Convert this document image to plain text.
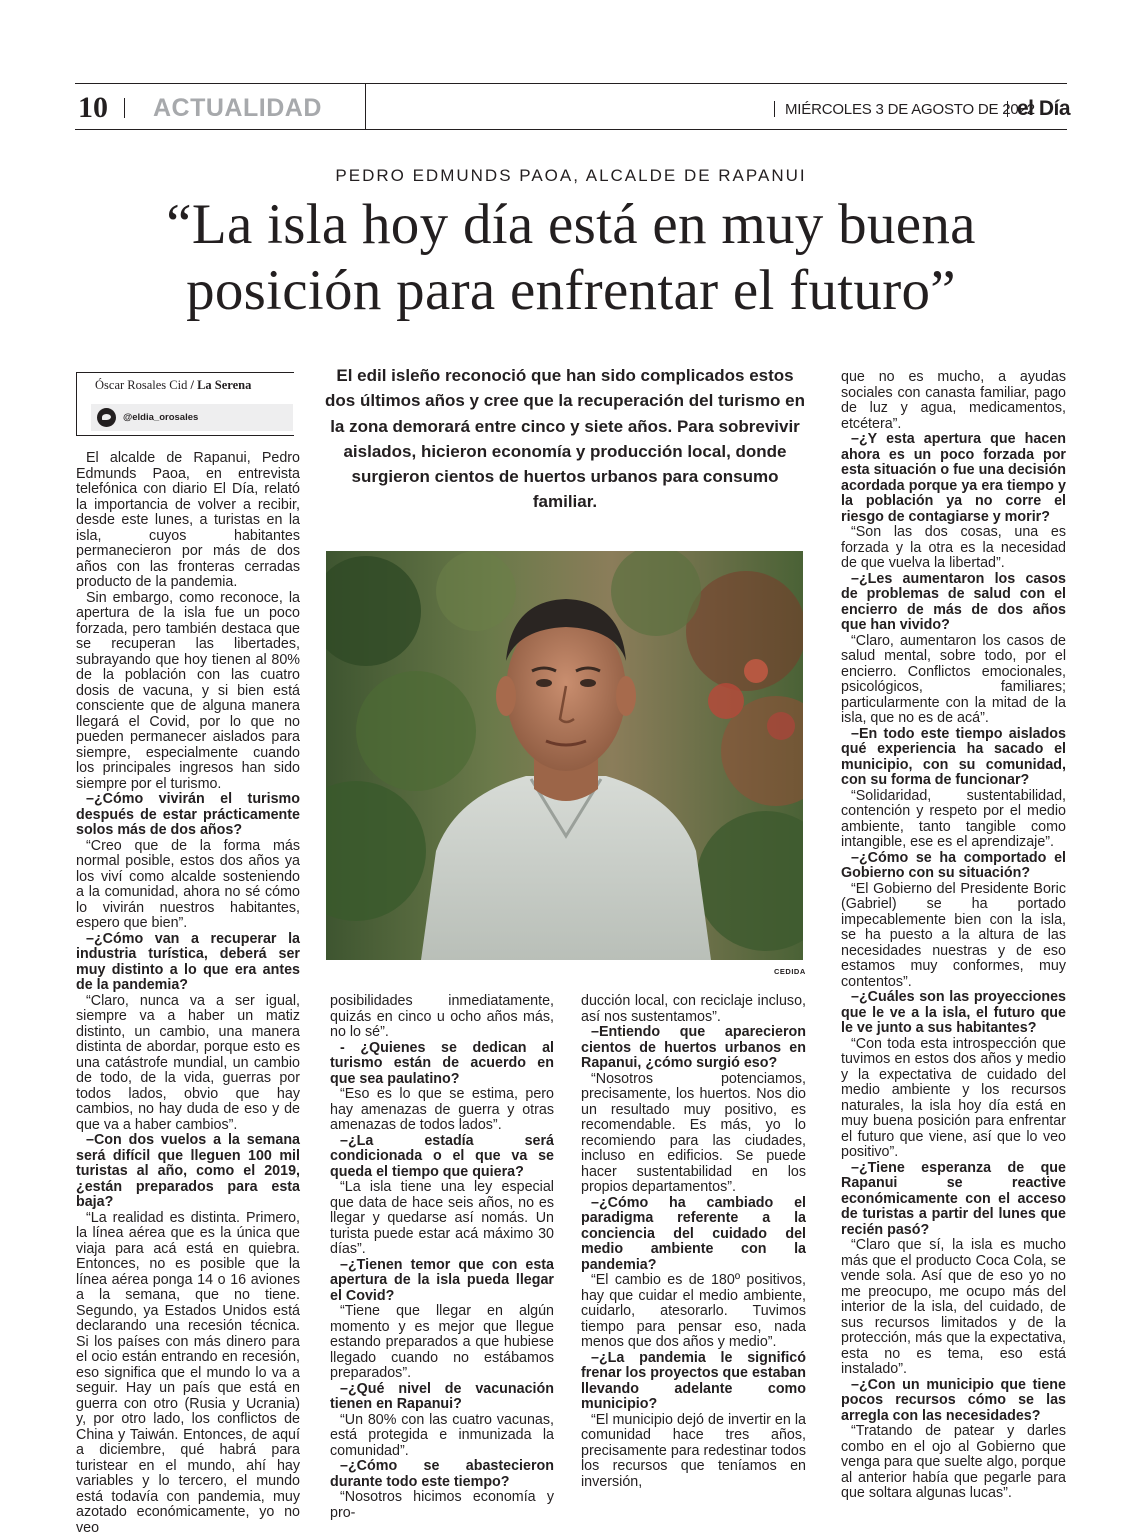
10 ACTUALIDAD	MIÉRCOLES 3 DE AGOSTO DE 2022
el Día
PEDRO EDMUNDS PAOA, ALCALDE DE RAPANUI
“La isla hoy día está en muy buena
posición para enfrentar el futuro”
Óscar Rosales Cid / La Serena
@eldia_orosales
El edil isleño reconoció que han sido complicados estos dos últimos años y cree que la recuperación del turismo en la zona demorará entre cinco y siete años. Para sobrevivir aislados, hicieron economía y producción local, donde surgieron cientos de huertos urbanos para consumo familiar.
CEDIDA

El alcalde de Rapanui, Pedro Edmunds Paoa, en entrevista telefónica con diario El Día, relató la importancia de volver a recibir, desde este lunes, a turistas en la isla, cuyos habitantes permanecieron por más de dos años con las fronteras cerradas producto de la pandemia.

Sin embargo, como reconoce, la apertura de la isla fue un poco forzada, pero también destaca que se recuperan las libertades, subrayando que hoy tienen al 80% de la población con las cuatro dosis de vacuna, y si bien está consciente que de alguna manera llegará el Covid, por lo que no pueden permanecer aislados para siempre, especialmente cuando los principales ingresos han sido siempre por el turismo.

–¿Cómo vivirán el turismo después de estar prácticamente solos más de dos años?

“Creo que de la forma más normal posible, estos dos años ya los viví como alcalde sosteniendo a la comunidad, ahora no sé cómo lo vivirán nuestros habitantes, espero que bien”.

–¿Cómo van a recuperar la industria turística, deberá ser muy distinto a lo que era antes de la pandemia?

“Claro, nunca va a ser igual, siempre va a haber un matiz distinto, un cambio, una manera distinta de abordar, porque esto es una catástrofe mundial, un cambio de todo, de la vida, guerras por todos lados, obvio que hay cambios, no hay duda de eso y de que va a haber cambios”.

–Con dos vuelos a la semana será difícil que lleguen 100 mil turistas al año, como el 2019, ¿están preparados para esta baja?

“La realidad es distinta. Primero, la línea aérea que es la única que viaja para acá está en quiebra. Entonces, no es posible que la línea aérea ponga 14 o 16 aviones a la semana, que no tiene. Segundo, ya Estados Unidos está declarando una recesión técnica. Si los países con más dinero para el ocio están entrando en recesión, eso significa que el mundo lo va a seguir. Hay un país que está en guerra con otro (Rusia y Ucrania) y, por otro lado, los conflictos de China y Taiwán. Entonces, de aquí a diciembre, qué habrá para turistear en el mundo, ahí hay variables y lo tercero, el mundo está todavía con pandemia, muy azotado económicamente, yo no veo

posibilidades inmediatamente, quizás en cinco u ocho años más, no lo sé”.

- ¿Quienes se dedican al turismo están de acuerdo en que sea paulatino?

“Eso es lo que se estima, pero hay amenazas de guerra y otras amenazas de todos lados”.

–¿La estadía será condicionada o el que va se queda el tiempo que quiera?

“La isla tiene una ley especial que data de hace seis años, no es llegar y quedarse así nomás. Un turista puede estar acá máximo 30 días”.

–¿Tienen temor que con esta apertura de la isla pueda llegar el Covid?

“Tiene que llegar en algún momento y es mejor que llegue estando preparados a que hubiese llegado cuando no estábamos preparados”.

–¿Qué nivel de vacunación tienen en Rapanui?

“Un 80% con las cuatro vacunas, está protegida e inmunizada la comunidad”.

–¿Cómo se abastecieron durante todo este tiempo?

“Nosotros hicimos economía y pro-

ducción local, con reciclaje incluso, así nos sustentamos”.

–Entiendo que aparecieron cientos de huertos urbanos en Rapanui, ¿cómo surgió eso?

“Nosotros potenciamos, precisamente, los huertos. Nos dio un resultado muy positivo, es recomendable. Es más, yo lo recomiendo para las ciudades, incluso en edificios. Se puede hacer sustentabilidad en los propios departamentos”.

–¿Cómo ha cambiado el paradigma referente a la conciencia del cuidado del medio ambiente con la pandemia?

“El cambio es de 180º positivos, hay que cuidar el medio ambiente, cuidarlo, atesorarlo. Tuvimos tiempo para pensar eso, nada menos que dos años y medio”.

–¿La pandemia le significó frenar los proyectos que estaban llevando adelante como municipio?

“El municipio dejó de invertir en la comunidad hace tres años, precisamente para redestinar todos los recursos que teníamos en inversión,

que no es mucho, a ayudas sociales con canasta familiar, pago de luz y agua, medicamentos, etcétera”.

–¿Y esta apertura que hacen ahora es un poco forzada por esta situación o fue una decisión acordada porque ya era tiempo y la población ya no corre el riesgo de contagiarse y morir?

“Son las dos cosas, una es forzada y la otra es la necesidad de que vuelva la libertad”.

–¿Les aumentaron los casos de problemas de salud con el encierro de más de dos años que han vivido?

“Claro, aumentaron los casos de salud mental, sobre todo, por el encierro. Conflictos emocionales, psicológicos, familiares; particularmente con la mitad de la isla, que no es de acá”.

–En todo este tiempo aislados qué experiencia ha sacado el municipio, con su comunidad, con su forma de funcionar?

“Solidaridad, sustentabilidad, contención y respeto por el medio ambiente, tanto tangible como intangible, ese es el aprendizaje”.

–¿Cómo se ha comportado el Gobierno con su situación?

“El Gobierno del Presidente Boric (Gabriel) se ha portado impecablemente bien con la isla, se ha puesto a la altura de las necesidades nuestras y de eso estamos muy conformes, muy contentos”.

–¿Cuáles son las proyecciones que le ve a la isla, el futuro que le ve junto a sus habitantes?

“Con toda esta introspección que tuvimos en estos dos años y medio y la expectativa de cuidado del medio ambiente y los recursos naturales, la isla hoy día está en muy buena posición para enfrentar el futuro que viene, así que lo veo positivo”.

–¿Tiene esperanza de que Rapanui se reactive económicamente con el acceso de turistas a partir del lunes que recién pasó?

“Claro que sí, la isla es mucho más que el producto Coca Cola, se vende sola. Así que de eso yo no me preocupo, me ocupo más del interior de la isla, del cuidado, de sus recursos limitados y de la protección, más que la expectativa, esta no es tema, eso está instalado”.

–¿Con un municipio que tiene pocos recursos cómo se las arregla con las necesidades?

“Tratando de patear y darles combo en el ojo al Gobierno que venga para que suelte algo, porque al anterior había que pegarle para que soltara algunas lucas”.
